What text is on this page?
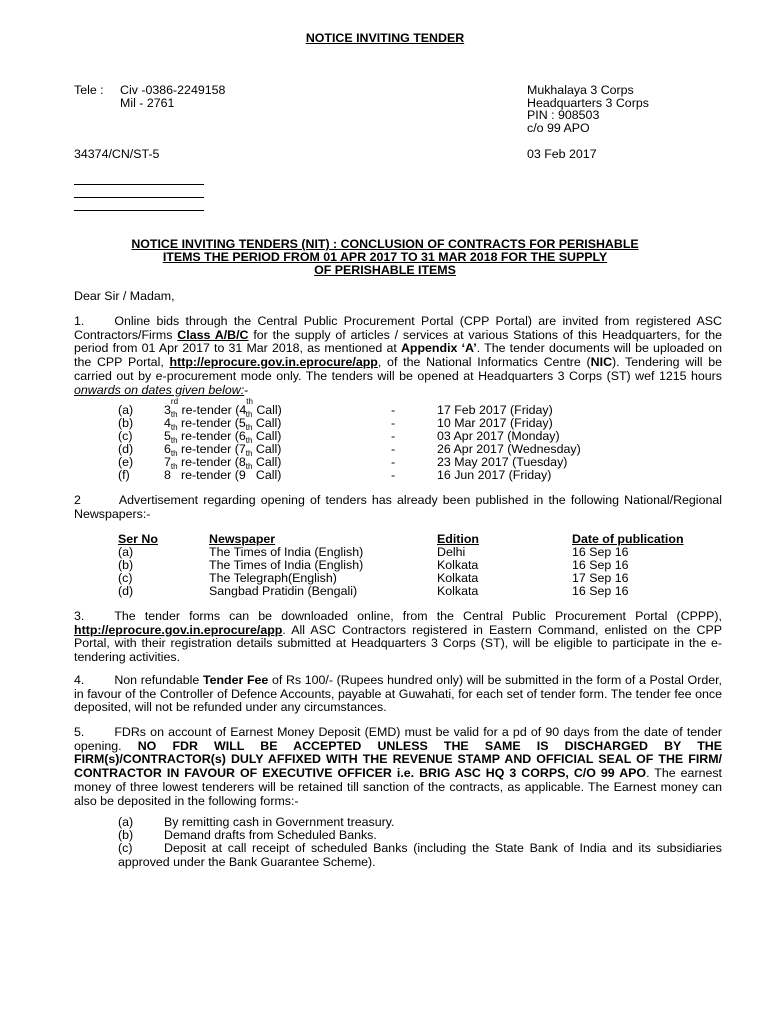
NOTICE INVITING TENDER
Tele : Civ -0386-2249158
Mil - 2761
34374/CN/ST-5
Mukhalaya 3 Corps
Headquarters 3 Corps
PIN : 908503
c/o 99 APO
03 Feb 2017
NOTICE INVITING TENDERS (NIT) : CONCLUSION OF CONTRACTS FOR PERISHABLE
ITEMS THE PERIOD FROM 01 APR 2017 TO 31 MAR 2018 FOR THE SUPPLY
OF PERISHABLE ITEMS
Dear Sir / Madam,

1. Online bids through the Central Public Procurement Portal (CPP Portal) are invited from registered ASC Contractors/Firms Class A/B/C for the supply of articles / services at various Stations of this Headquarters, for the period from 01 Apr 2017 to 31 Mar 2018, as mentioned at Appendix ‘A’. The tender documents will be uploaded on the CPP Portal, http://eprocure.gov.in.eprocure/app, of the National Informatics Centre (NIC). Tendering will be carried out by e-procurement mode only. The tenders will be opened at Headquarters 3 Corps (ST) wef 1215 hours onwards on dates given below:-

(a) 3rd re-tender (4th Call)	-	17 Feb 2017 (Friday)
(b) 4th re-tender (5th Call)	-	10 Mar 2017 (Friday)
(c)	5th re-tender (6th Call)	-	03 Apr 2017 (Monday)
(d) 6th re-tender (7th Call)	-	26 Apr 2017 (Wednesday)
(e) 7th re-tender (8th Call)	-	23 May 2017 (Tuesday)
(f)	8th re-tender (9th Call)	-	16 Jun 2017 (Friday)

2	Advertisement regarding opening of tenders has already been published in the following National/Regional Newspapers:-

Ser No	Newspaper	Edition	Date of publication
(a)	The Times of India (English)	Delhi	16 Sep 16
(b)	The Times of India (English)	Kolkata	16 Sep 16
(c)	The Telegraph(English)	Kolkata	17 Sep 16
(d)	Sangbad Pratidin (Bengali)	Kolkata	16 Sep 16

3. The tender forms can be downloaded online, from the Central Public Procurement Portal (CPPP), http://eprocure.gov.in.eprocure/app. All ASC Contractors registered in Eastern Command, enlisted on the CPP Portal, with their registration details submitted at Headquarters 3 Corps (ST), will be eligible to participate in the e-tendering activities.

4. Non refundable Tender Fee of Rs 100/- (Rupees hundred only) will be submitted in the form of a Postal Order, in favour of the Controller of Defence Accounts, payable at Guwahati, for each set of tender form. The tender fee once deposited, will not be refunded under any circumstances.

5. FDRs on account of Earnest Money Deposit (EMD) must be valid for a pd of 90 days from the date of tender opening. NO FDR WILL BE ACCEPTED UNLESS THE SAME IS DISCHARGED BY THE FIRM(s)/CONTRACTOR(s) DULY AFFIXED WITH THE REVENUE STAMP AND OFFICIAL SEAL OF THE FIRM/ CONTRACTOR IN FAVOUR OF EXECUTIVE OFFICER i.e. BRIG ASC HQ 3 CORPS, C/O 99 APO. The earnest money of three lowest tenderers will be retained till sanction of the contracts, as applicable. The Earnest money can also be deposited in the following forms:-

(a) By remitting cash in Government treasury.
(b) Demand drafts from Scheduled Banks.

(c)	Deposit at call receipt of scheduled Banks (including the State Bank of India and its subsidiaries approved under the Bank Guarantee Scheme).
